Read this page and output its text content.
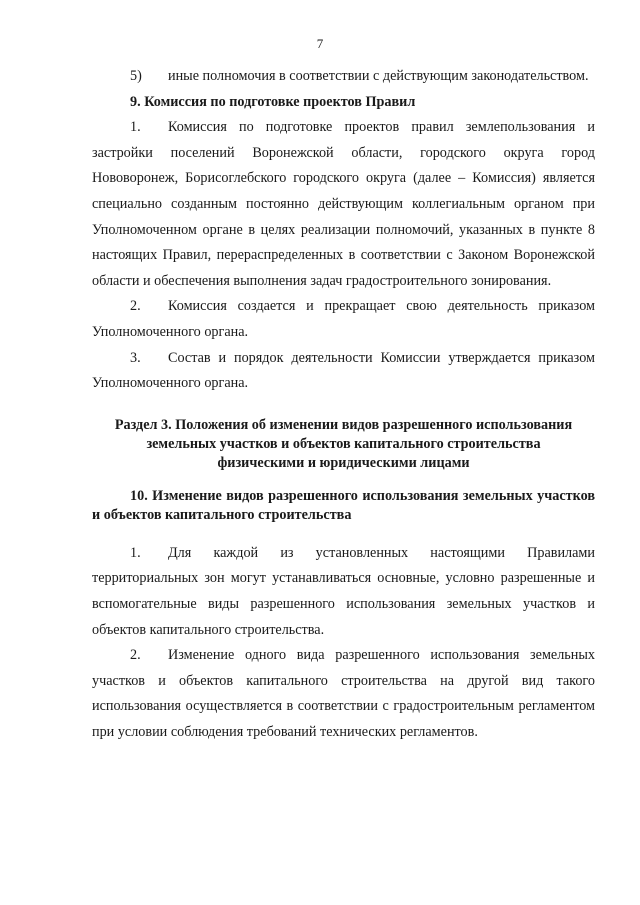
7

5) иные полномочия в соответствии с действующим законодательством.

9. Комиссия по подготовке проектов Правил

1. Комиссия по подготовке проектов правил землепользования и застройки поселений Воронежской области, городского округа город Нововоронеж, Борисоглебского городского округа (далее – Комиссия) является специально созданным постоянно действующим коллегиальным органом при Уполномоченном органе в целях реализации полномочий, указанных в пункте 8 настоящих Правил, перераспределенных в соответствии с Законом Воронежской области и обеспечения выполнения задач градостроительного зонирования.

2. Комиссия создается и прекращает свою деятельность приказом Уполномоченного органа.

3. Состав и порядок деятельности Комиссии утверждается приказом Уполномоченного органа.

Раздел 3. Положения об изменении видов разрешенного использования земельных участков и объектов капитального строительства физическими и юридическими лицами

10. Изменение видов разрешенного использования земельных участков и объектов капитального строительства

1. Для каждой из установленных настоящими Правилами территориальных зон могут устанавливаться основные, условно разрешенные и вспомогательные виды разрешенного использования земельных участков и объектов капитального строительства.

2. Изменение одного вида разрешенного использования земельных участков и объектов капитального строительства на другой вид такого использования осуществляется в соответствии с градостроительным регламентом при условии соблюдения требований технических регламентов.
